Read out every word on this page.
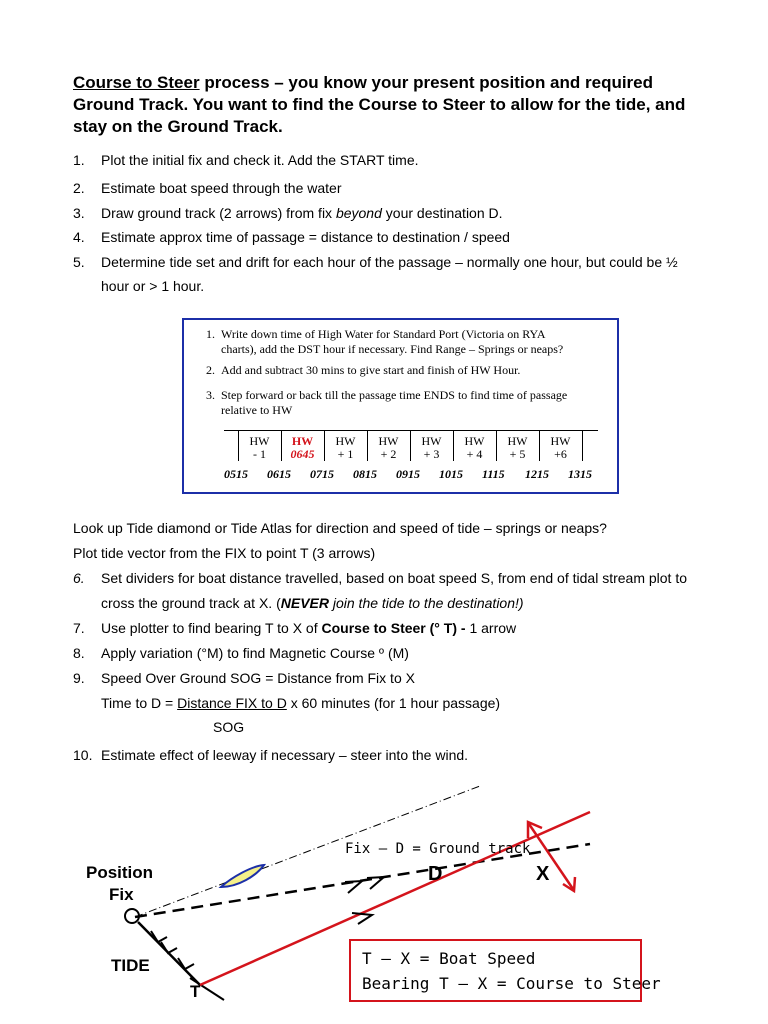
Course to Steer process – you know your present position and required Ground Track. You want to find the Course to Steer to allow for the tide, and stay on the Ground Track.
1. Plot the initial fix and check it. Add the START time.
2. Estimate boat speed through the water
3. Draw ground track (2 arrows) from fix beyond your destination D.
4. Estimate approx time of passage = distance to destination / speed
5. Determine tide set and drift for each hour of the passage – normally one hour, but could be ½
hour or > 1 hour.
1. Write down time of High Water for Standard Port (Victoria on RYA
charts), add the DST hour if necessary. Find Range – Springs or neaps?
2. Add and subtract 30 mins to give start and finish of HW Hour.
3. Step forward or back till the passage time ENDS to find time of passage
relative to HW
HW
- 1
HW
0645
HW
+ 1
HW
+ 2
HW
+ 3
HW
+ 4
HW
+ 5
HW
+6
0515 0615 0715 0815 0915 1015 1115 1215 1315
Look up Tide diamond or Tide Atlas for direction and speed of tide – springs or neaps?
Plot tide vector from the FIX to point T (3 arrows)
6. Set dividers for boat distance travelled, based on boat speed S, from end of tidal stream plot to
cross the ground track at X. (NEVER join the tide to the destination!)
7. Use plotter to find bearing T to X of Course to Steer (° T) - 1 arrow
8. Apply variation (°M) to find Magnetic Course º (M)
9. Speed Over Ground SOG = Distance from Fix to X
Time to D = Distance FIX to D x 60 minutes (for 1 hour passage)
SOG
10. Estimate effect of leeway if necessary – steer into the wind.
Fix – D = Ground track
D	X
Position
Fix
TIDE
T
T – X = Boat Speed
Bearing T – X = Course to Steer
